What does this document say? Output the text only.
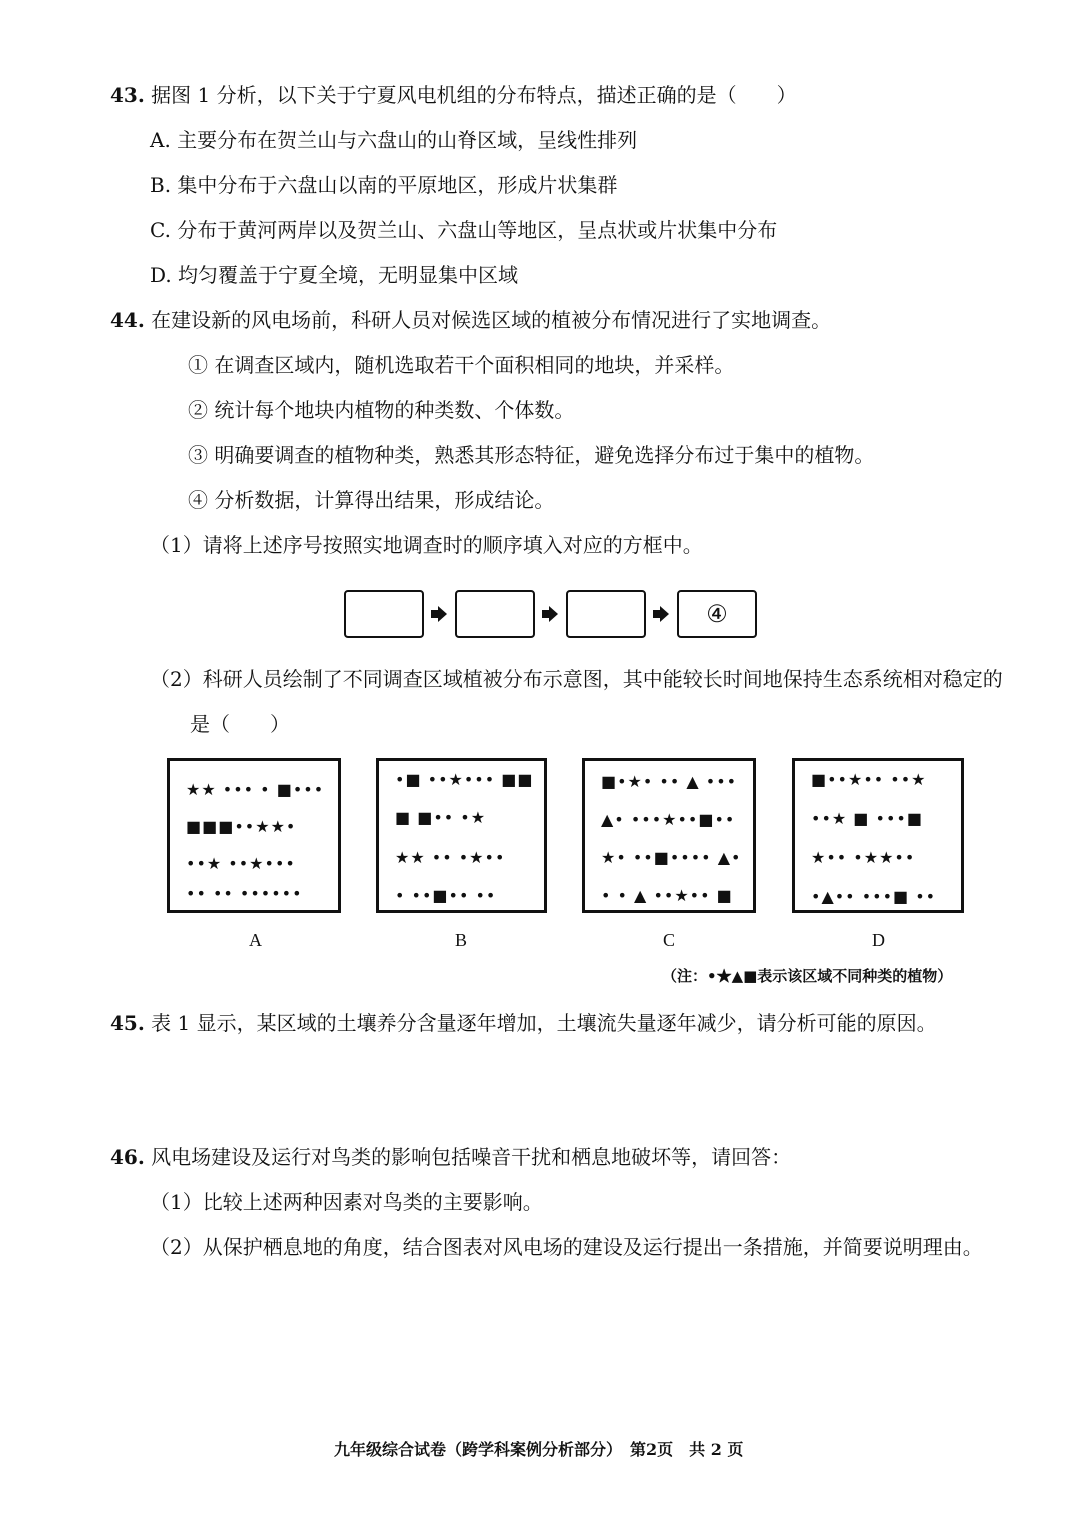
43. 据图 1 分析，以下关于宁夏风电机组的分布特点，描述正确的是（　　）
A. 主要分布在贺兰山与六盘山的山脊区域，呈线性排列
B. 集中分布于六盘山以南的平原地区，形成片状集群
C. 分布于黄河两岸以及贺兰山、六盘山等地区，呈点状或片状集中分布
D. 均匀覆盖于宁夏全境，无明显集中区域
44. 在建设新的风电场前，科研人员对候选区域的植被分布情况进行了实地调查。
① 在调查区域内，随机选取若干个面积相同的地块，并采样。
② 统计每个地块内植物的种类数、个体数。
③ 明确要调查的植物种类，熟悉其形态特征，避免选择分布过于集中的植物。
④ 分析数据，计算得出结果，形成结论。
（1）请将上述序号按照实地调查时的顺序填入对应的方框中。
④
（2）科研人员绘制了不同调查区域植被分布示意图，其中能较长时间地保持生态系统相对稳定的
是（　　）
★★ ••• • ■•••
■■■••★★•
••★ ••★•••
•• •• ••••••
A
•■ ••★••• ■■
■ ■•• •★
★★ •• •★••
• ••■•• ••
B
■•★• •• ▲ •••
▲• •••★••■••
★• ••■•••• ▲•
• • ▲ ••★•• ■
C
■••★•• ••★
••★ ■ •••■
★•• •★★••
•▲•• •••■ ••
D
（注：•★▲■表示该区域不同种类的植物）
45. 表 1 显示，某区域的土壤养分含量逐年增加，土壤流失量逐年减少，请分析可能的原因。
46. 风电场建设及运行对鸟类的影响包括噪音干扰和栖息地破坏等，请回答：
（1）比较上述两种因素对鸟类的主要影响。
（2）从保护栖息地的角度，结合图表对风电场的建设及运行提出一条措施，并简要说明理由。
九年级综合试卷（跨学科案例分析部分）　第2页　共 2 页
